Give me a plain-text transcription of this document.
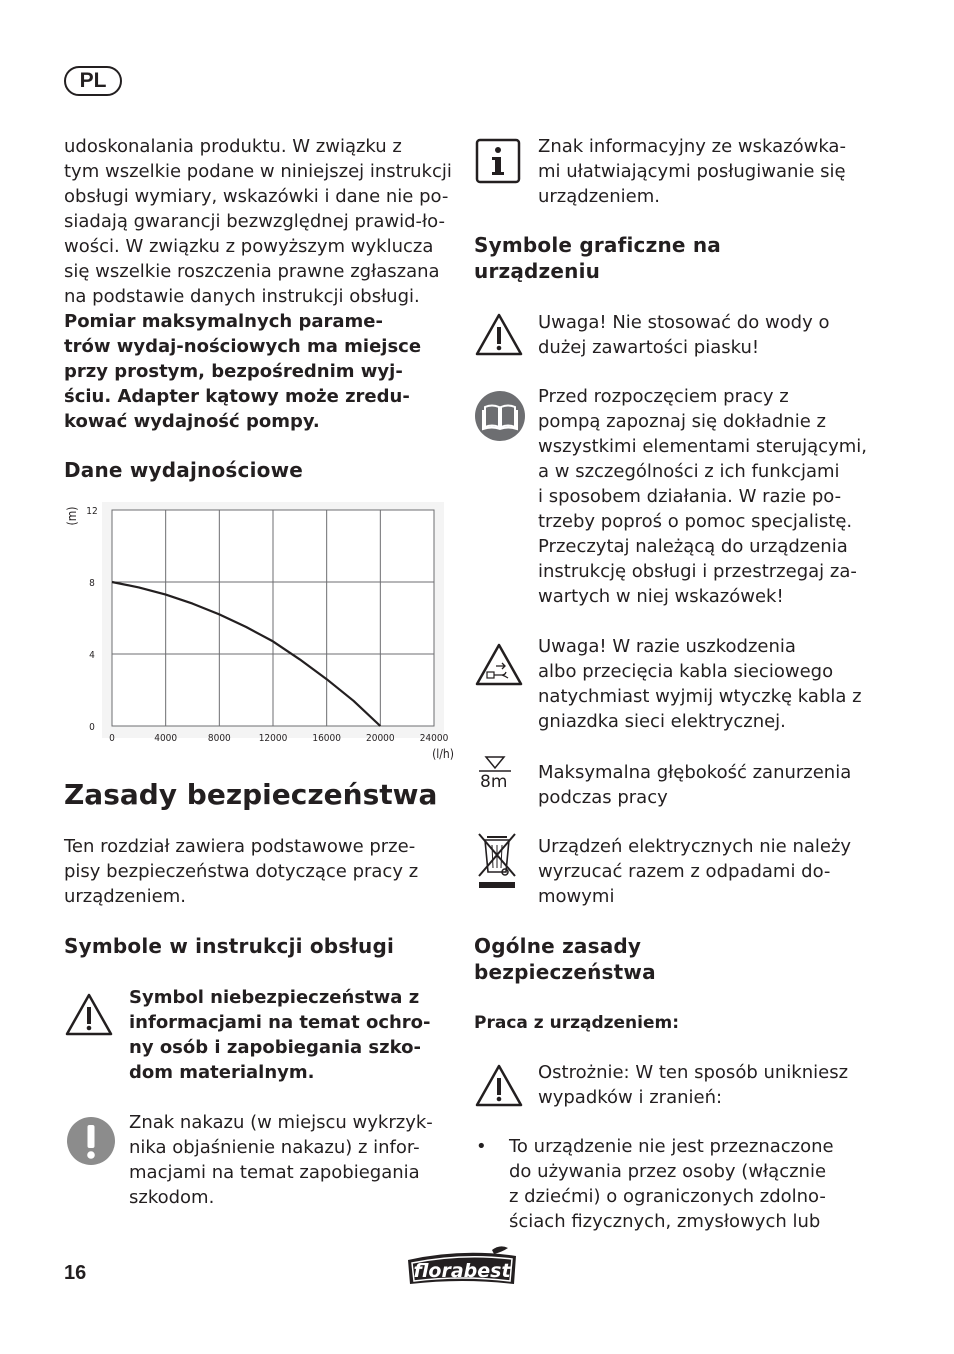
PL
udoskonalania produktu. W związku z
tym wszelkie podane w niniejszej instrukcji
obsługi wymiary, wskazówki i dane nie po-
siadają gwarancji bezwzględnej prawid-ło-
wości. W związku z powyższym wyklucza
się wszelkie roszczenia prawne zgłaszana
na podstawie danych instrukcji obsługi.
Pomiar maksymalnych parame-
trów wydaj-nościowych ma miejsce
przy prostym, bezpośrednim wyj-
ściu. Adapter kątowy może zredu-
kować wydajność pompy.
Dane wydajnościowe
0	4000	8000	12000	16000	20000	24000
0
4
8
12
(m)
(l/h)
Zasady bezpieczeństwa
Ten rozdział zawiera podstawowe prze-
pisy bezpieczeństwa dotyczące pracy z
urządzeniem.
Symbole w instrukcji obsługi
Symbol niebezpieczeństwa z
informacjami na temat ochro-
ny osób i zapobiegania szko-
dom materialnym.
Znak nakazu (w miejscu wykrzyk-
nika objaśnienie nakazu) z infor-
macjami na temat zapobiegania
szkodom.
Znak informacyjny ze wskazówka-
mi ułatwiającymi posługiwanie się
urządzeniem.
Symbole graficzne na
urządzeniu
Uwaga! Nie stosować do wody o
dużej zawartości piasku!
Przed rozpoczęciem pracy z
pompą zapoznaj się dokładnie z
wszystkimi elementami sterującymi,
a w szczególności z ich funkcjami
i sposobem działania. W razie po-
trzeby poproś o pomoc specjalistę.
Przeczytaj należącą do urządzenia
instrukcję obsługi i przestrzegaj za-
wartych w niej wskazówek!
Uwaga! W razie uszkodzenia
albo przecięcia kabla sieciowego
natychmiast wyjmij wtyczkę kabla z
gniazdka sieci elektrycznej.
8m Maksymalna głębokość zanurzenia
podczas pracy
Urządzeń elektrycznych nie należy
wyrzucać razem z odpadami do-
mowymi
Ogólne zasady
bezpieczeństwa
Praca z urządzeniem:
Ostrożnie: W ten sposób unikniesz
wypadków i zranień:
• To urządzenie nie jest przeznaczone
do używania przez osoby (włącznie
z dziećmi) o ograniczonych zdolno-
ściach fizycznych, zmysłowych lub
16	florabest
